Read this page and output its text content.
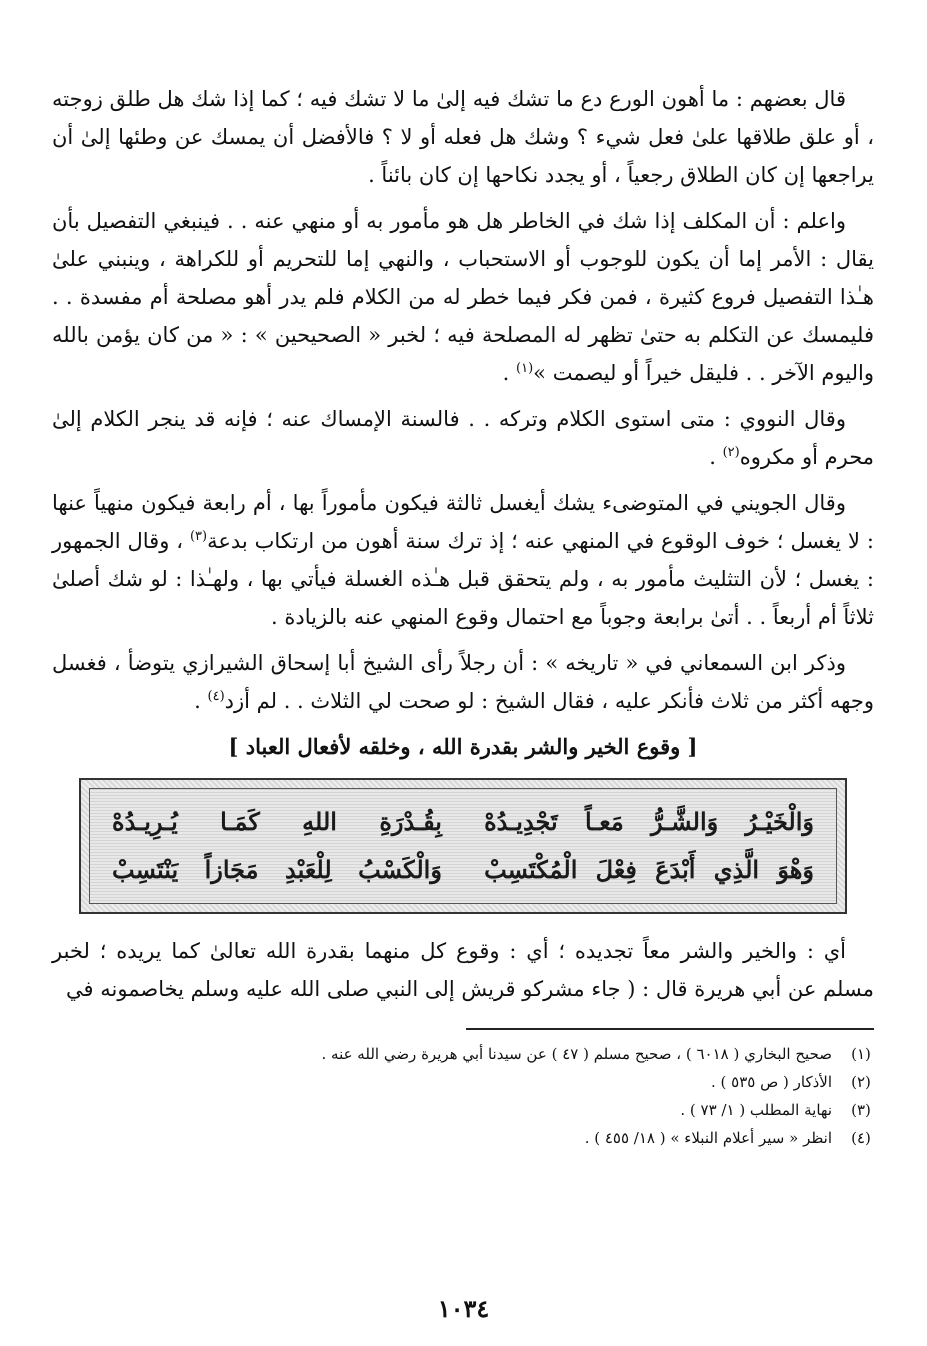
قال بعضهم : ما أهون الورع دع ما تشك فيه إلىٰ ما لا تشك فيه ؛ كما إذا شك هل طلق زوجته ، أو علق طلاقها علىٰ فعل شيء ؟ وشك هل فعله أو لا ؟ فالأفضل أن يمسك عن وطئها إلىٰ أن يراجعها إن كان الطلاق رجعياً ، أو يجدد نكاحها إن كان بائناً .

واعلم : أن المكلف إذا شك في الخاطر هل هو مأمور به أو منهي عنه . . فينبغي التفصيل بأن يقال : الأمر إما أن يكون للوجوب أو الاستحباب ، والنهي إما للتحريم أو للكراهة ، وينبني علىٰ هـٰذا التفصيل فروع كثيرة ، فمن فكر فيما خطر له من الكلام فلم يدر أهو مصلحة أم مفسدة . . فليمسك عن التكلم به حتىٰ تظهر له المصلحة فيه ؛ لخبر « الصحيحين » : « من كان يؤمن بالله واليوم الآخر . . فليقل خيراً أو ليصمت »$^{(١)}$ .

وقال النووي : متى استوى الكلام وتركه . . فالسنة الإمساك عنه ؛ فإنه قد ينجر الكلام إلىٰ محرم أو مكروه$^{(٢)}$ .

وقال الجويني في المتوضىء يشك أيغسل ثالثة فيكون مأموراً بها ، أم رابعة فيكون منهياً عنها : لا يغسل ؛ خوف الوقوع في المنهي عنه ؛ إذ ترك سنة أهون من ارتكاب بدعة$^{(٣)}$ ، وقال الجمهور : يغسل ؛ لأن التثليث مأمور به ، ولم يتحقق قبل هـٰذه الغسلة فيأتي بها ، ولهـٰذا : لو شك أصلىٰ ثلاثاً أم أربعاً . . أتىٰ برابعة وجوباً مع احتمال وقوع المنهي عنه بالزيادة .

وذكر ابن السمعاني في « تاريخه » : أن رجلاً رأى الشيخ أبا إسحاق الشيرازي يتوضأ ، فغسل وجهه أكثر من ثلاث فأنكر عليه ، فقال الشيخ : لو صحت لي الثلاث . . لم أزد$^{(٤)}$ .

[ وقوع الخير والشر بقدرة الله ، وخلقه لأفعال العباد ]
وَالْخَيْـرُ وَالشَّـرُّ مَعـاً تَجْدِيـدُهْ
بِقُـدْرَةِ اللهِ كَمَـا يُـرِيـدُهْ
وَهْوَ الَّذِي أَبْدَعَ فِعْلَ الْمُكْتَسِبْ
وَالْكَسْبُ لِلْعَبْدِ مَجَازاً يَنْتَسِبْ

أي : والخير والشر معاً تجديده ؛ أي : وقوع كل منهما بقدرة الله تعالىٰ كما يريده ؛ لخبر مسلم عن أبي هريرة قال : ( جاء مشركو قريش إلى النبي صلى الله عليه وسلم يخاصمونه في

(١)
صحيح البخاري ( ٦٠١٨ ) ، صحيح مسلم ( ٤٧ ) عن سيدنا أبي هريرة رضي الله عنه .
(٢)
الأذكار ( ص ٥٣٥ ) .
(٣)
نهاية المطلب ( ١/ ٧٣ ) .
(٤)
انظر « سير أعلام النبلاء » ( ١٨/ ٤٥٥ ) .
١٠٣٤
